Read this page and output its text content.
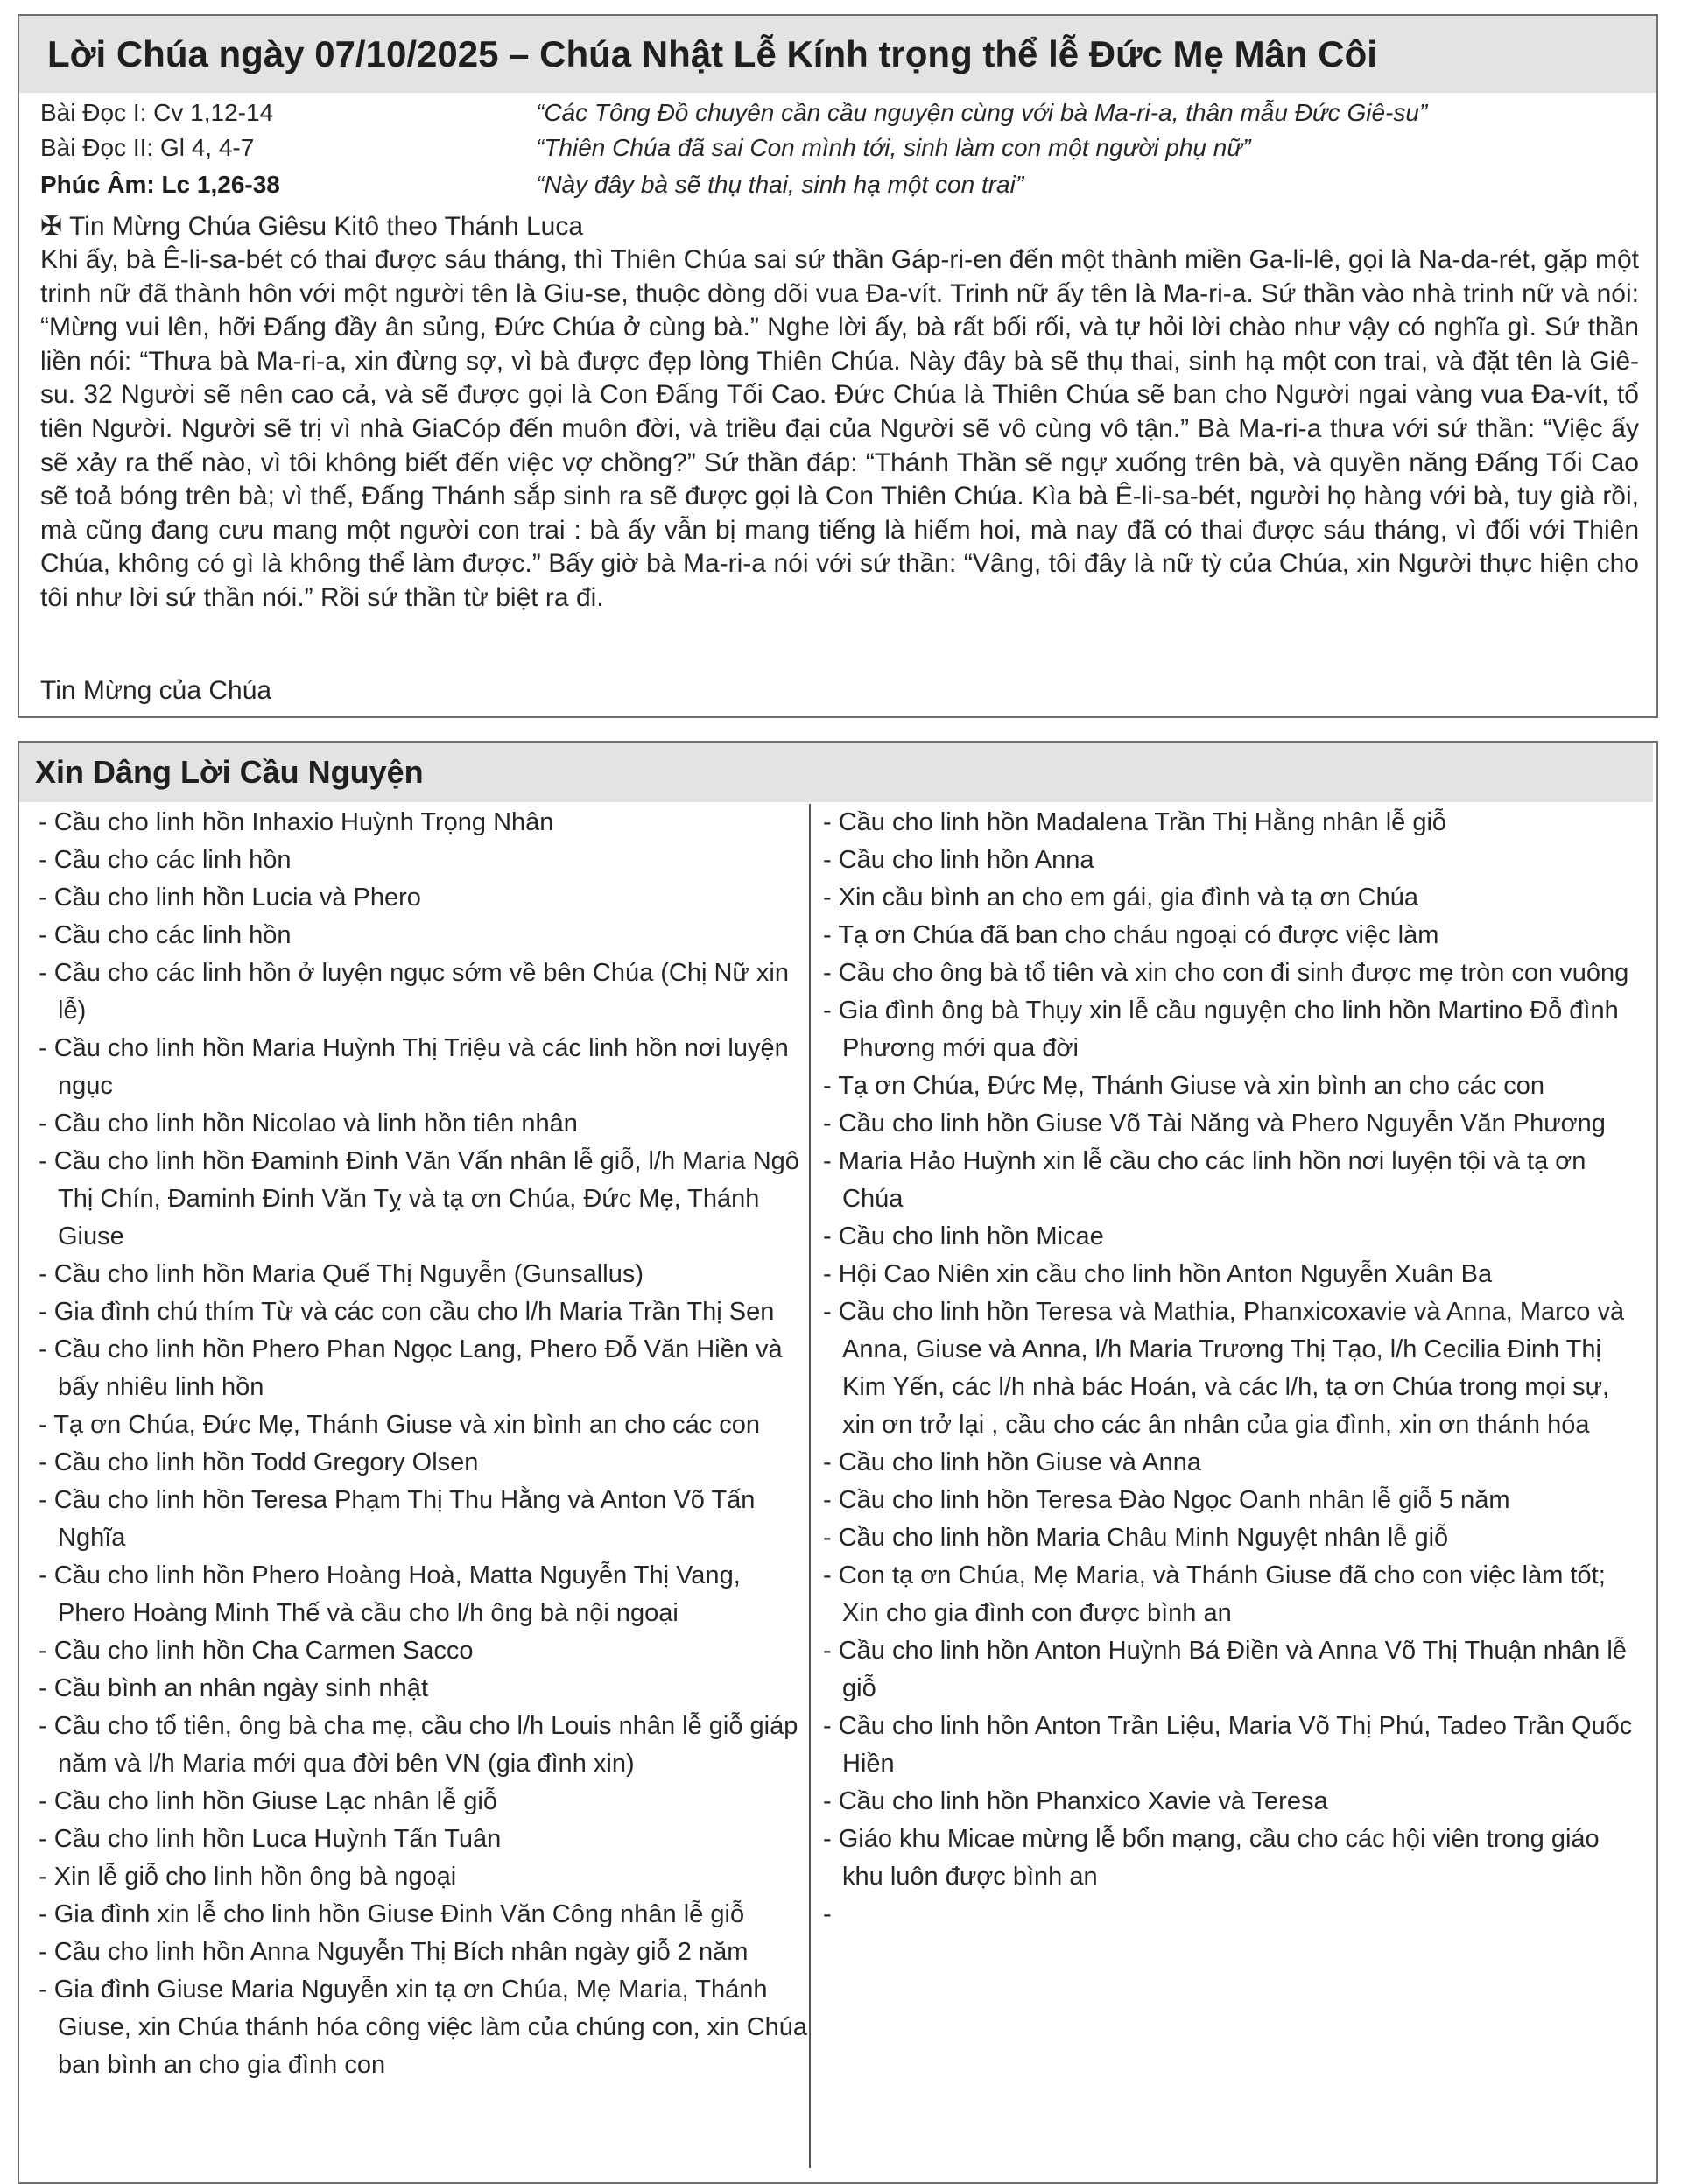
Lời Chúa ngày 07/10/2025 – Chúa Nhật Lễ Kính trọng thể lễ Đức Mẹ Mân Côi
Bài Đọc I: Cv 1,12-14	“Các Tông Đồ chuyên cần cầu nguyện cùng với bà Ma-ri-a, thân mẫu Đức Giê-su”
Bài Đọc II: Gl 4, 4-7	“Thiên Chúa đã sai Con mình tới, sinh làm con một người phụ nữ”
Phúc Âm: Lc 1,26-38	“Này đây bà sẽ thụ thai, sinh hạ một con trai”
✠ Tin Mừng Chúa Giêsu Kitô theo Thánh Luca

Khi ấy, bà Ê-li-sa-bét có thai được sáu tháng, thì Thiên Chúa sai sứ thần Gáp-ri-en đến một thành miền Ga-li-lê, gọi là Na-da-rét, gặp một trinh nữ đã thành hôn với một người tên là Giu-se, thuộc dòng dõi vua Đa-vít. Trinh nữ ấy tên là Ma-ri-a. Sứ thần vào nhà trinh nữ và nói: “Mừng vui lên, hỡi Đấng đầy ân sủng, Đức Chúa ở cùng bà.” Nghe lời ấy, bà rất bối rối, và tự hỏi lời chào như vậy có nghĩa gì. Sứ thần liền nói: “Thưa bà Ma-ri-a, xin đừng sợ, vì bà được đẹp lòng Thiên Chúa. Này đây bà sẽ thụ thai, sinh hạ một con trai, và đặt tên là Giê-su. 32 Người sẽ nên cao cả, và sẽ được gọi là Con Đấng Tối Cao. Đức Chúa là Thiên Chúa sẽ ban cho Người ngai vàng vua Đa-vít, tổ tiên Người. Người sẽ trị vì nhà GiaCóp đến muôn đời, và triều đại của Người sẽ vô cùng vô tận.” Bà Ma-ri-a thưa với sứ thần: “Việc ấy sẽ xảy ra thế nào, vì tôi không biết đến việc vợ chồng?” Sứ thần đáp: “Thánh Thần sẽ ngự xuống trên bà, và quyền năng Đấng Tối Cao sẽ toả bóng trên bà; vì thế, Đấng Thánh sắp sinh ra sẽ được gọi là Con Thiên Chúa. Kìa bà Ê-li-sa-bét, người họ hàng với bà, tuy già rồi, mà cũng đang cưu mang một người con trai : bà ấy vẫn bị mang tiếng là hiếm hoi, mà nay đã có thai được sáu tháng, vì đối với Thiên Chúa, không có gì là không thể làm được.” Bấy giờ bà Ma-ri-a nói với sứ thần: “Vâng, tôi đây là nữ tỳ của Chúa, xin Người thực hiện cho tôi như lời sứ thần nói.” Rồi sứ thần từ biệt ra đi.

Tin Mừng của Chúa
Xin Dâng Lời Cầu Nguyện
- Cầu cho linh hồn Inhaxio Huỳnh Trọng Nhân
- Cầu cho các linh hồn
- Cầu cho linh hồn Lucia và Phero
- Cầu cho các linh hồn
- Cầu cho các linh hồn ở luyện ngục sớm về bên Chúa (Chị Nữ xin lễ)
- Cầu cho linh hồn Maria Huỳnh Thị Triệu và các linh hồn nơi luyện ngục
- Cầu cho linh hồn Nicolao và linh hồn tiên nhân
- Cầu cho linh hồn Đaminh Đinh Văn Vấn nhân lễ giỗ, l/h Maria Ngô Thị Chín, Đaminh Đinh Văn Tỵ và tạ ơn Chúa, Đức Mẹ, Thánh Giuse
- Cầu cho linh hồn Maria Quế Thị Nguyễn (Gunsallus)
- Gia đình chú thím Từ và các con cầu cho l/h Maria Trần Thị Sen
- Cầu cho linh hồn Phero Phan Ngọc Lang, Phero Đỗ Văn Hiền và bấy nhiêu linh hồn
- Tạ ơn Chúa, Đức Mẹ, Thánh Giuse và xin bình an cho các con
- Cầu cho linh hồn Todd Gregory Olsen
- Cầu cho linh hồn Teresa Phạm Thị Thu Hằng và Anton Võ Tấn Nghĩa
- Cầu cho linh hồn Phero Hoàng Hoà, Matta Nguyễn Thị Vang, Phero Hoàng Minh Thế và cầu cho l/h ông bà nội ngoại
- Cầu cho linh hồn Cha Carmen Sacco
- Cầu bình an nhân ngày sinh nhật
- Cầu cho tổ tiên, ông bà cha mẹ, cầu cho l/h Louis nhân lễ giỗ giáp năm và l/h Maria mới qua đời bên VN (gia đình xin)
- Cầu cho linh hồn Giuse Lạc nhân lễ giỗ
- Cầu cho linh hồn Luca Huỳnh Tấn Tuân
- Xin lễ giỗ cho linh hồn ông bà ngoại
- Gia đình xin lễ cho linh hồn Giuse Đinh Văn Công nhân lễ giỗ
- Cầu cho linh hồn Anna Nguyễn Thị Bích nhân ngày giỗ 2 năm
- Gia đình Giuse Maria Nguyễn xin tạ ơn Chúa, Mẹ Maria, Thánh Giuse, xin Chúa thánh hóa công việc làm của chúng con, xin Chúa ban bình an cho gia đình con
- Cầu cho linh hồn Madalena Trần Thị Hằng nhân lễ giỗ
- Cầu cho linh hồn Anna
- Xin cầu bình an cho em gái, gia đình và tạ ơn Chúa
- Tạ ơn Chúa đã ban cho cháu ngoại có được việc làm
- Cầu cho ông bà tổ tiên và xin cho con đi sinh được mẹ tròn con vuông
- Gia đình ông bà Thụy xin lễ cầu nguyện cho linh hồn Martino Đỗ đình Phương mới qua đời
- Tạ ơn Chúa, Đức Mẹ, Thánh Giuse và xin bình an cho các con
- Cầu cho linh hồn Giuse Võ Tài Năng và Phero Nguyễn Văn Phương
- Maria Hảo Huỳnh xin lễ cầu cho các linh hồn nơi luyện tội và tạ ơn Chúa
- Cầu cho linh hồn Micae
- Hội Cao Niên xin cầu cho linh hồn Anton Nguyễn Xuân Ba
- Cầu cho linh hồn Teresa và Mathia, Phanxicoxavie và Anna, Marco và Anna, Giuse và Anna, l/h Maria Trương Thị Tạo, l/h Cecilia Đinh Thị Kim Yến, các l/h nhà bác Hoán, và các l/h, tạ ơn Chúa trong mọi sự, xin ơn trở lại , cầu cho các ân nhân của gia đình, xin ơn thánh hóa
- Cầu cho linh hồn Giuse và Anna
- Cầu cho linh hồn Teresa Đào Ngọc Oanh nhân lễ giỗ 5 năm
- Cầu cho linh hồn Maria Châu Minh Nguyệt nhân lễ giỗ
- Con tạ ơn Chúa, Mẹ Maria, và Thánh Giuse đã cho con việc làm tốt; Xin cho gia đình con được bình an
- Cầu cho linh hồn Anton Huỳnh Bá Điền và Anna Võ Thị Thuận nhân lễ giỗ
- Cầu cho linh hồn Anton Trần Liệu, Maria Võ Thị Phú, Tadeo Trần Quốc Hiền
- Cầu cho linh hồn Phanxico Xavie và Teresa
- Giáo khu Micae mừng lễ bổn mạng, cầu cho các hội viên trong giáo khu luôn được bình an
-
